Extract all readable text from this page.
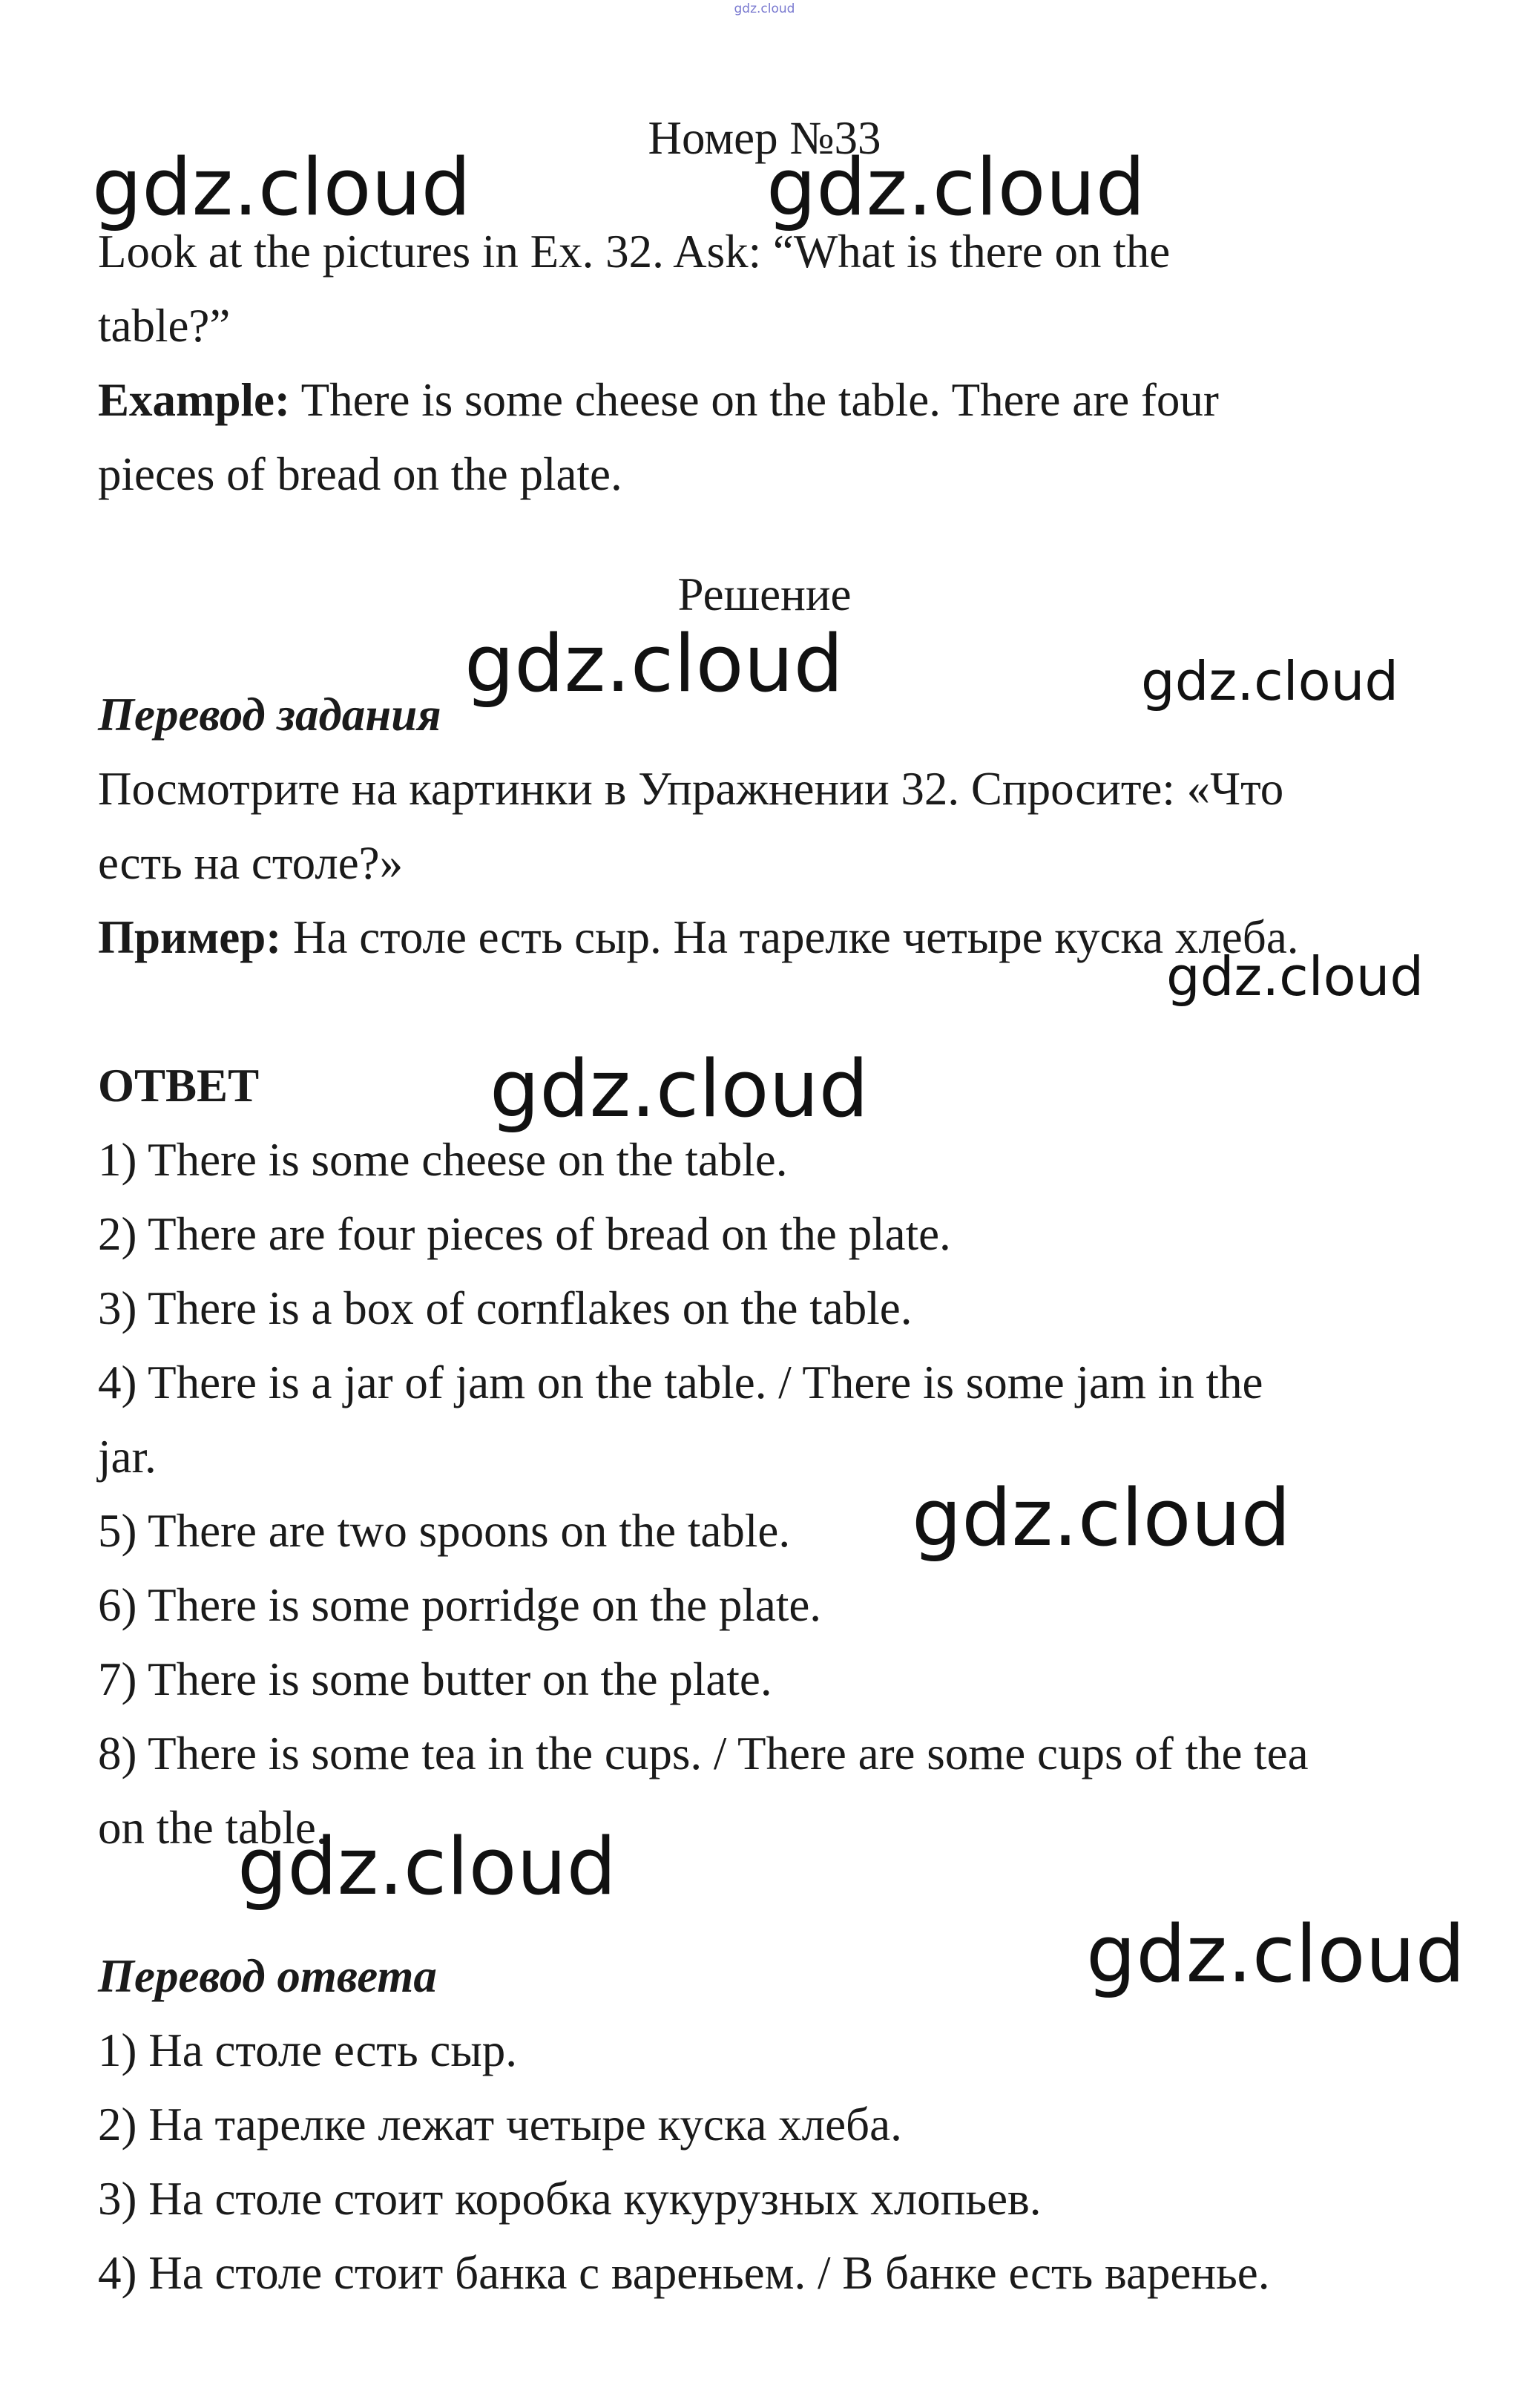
gdz.cloud
Номер №33
Look at the pictures in Ex. 32. Ask: “What is there on the
table?”
Example: There is some cheese on the table. There are four
pieces of bread on the plate.
Решение
Перевод задания
Посмотрите на картинки в Упражнении 32. Спросите: «Что
есть на столе?»
Пример: На столе есть сыр. На тарелке четыре куска хлеба.
ОТВЕТ
1) There is some cheese on the table.
2) There are four pieces of bread on the plate.
3) There is a box of cornflakes on the table.
4) There is a jar of jam on the table. / There is some jam in the
jar.
5) There are two spoons on the table.
6) There is some porridge on the plate.
7) There is some butter on the plate.
8) There is some tea in the cups. / There are some cups of the tea
on the table.
Перевод ответа
1) На столе есть сыр.
2) На тарелке лежат четыре куска хлеба.
3) На столе стоит коробка кукурузных хлопьев.
4) На столе стоит банка с вареньем. / В банке есть варенье.
gdz.cloud	gdz.cloud
gdz.cloud	gdz.cloud
gdz.cloud
gdz.cloud
gdz.cloud
gdz.cloud
gdz.cloud
